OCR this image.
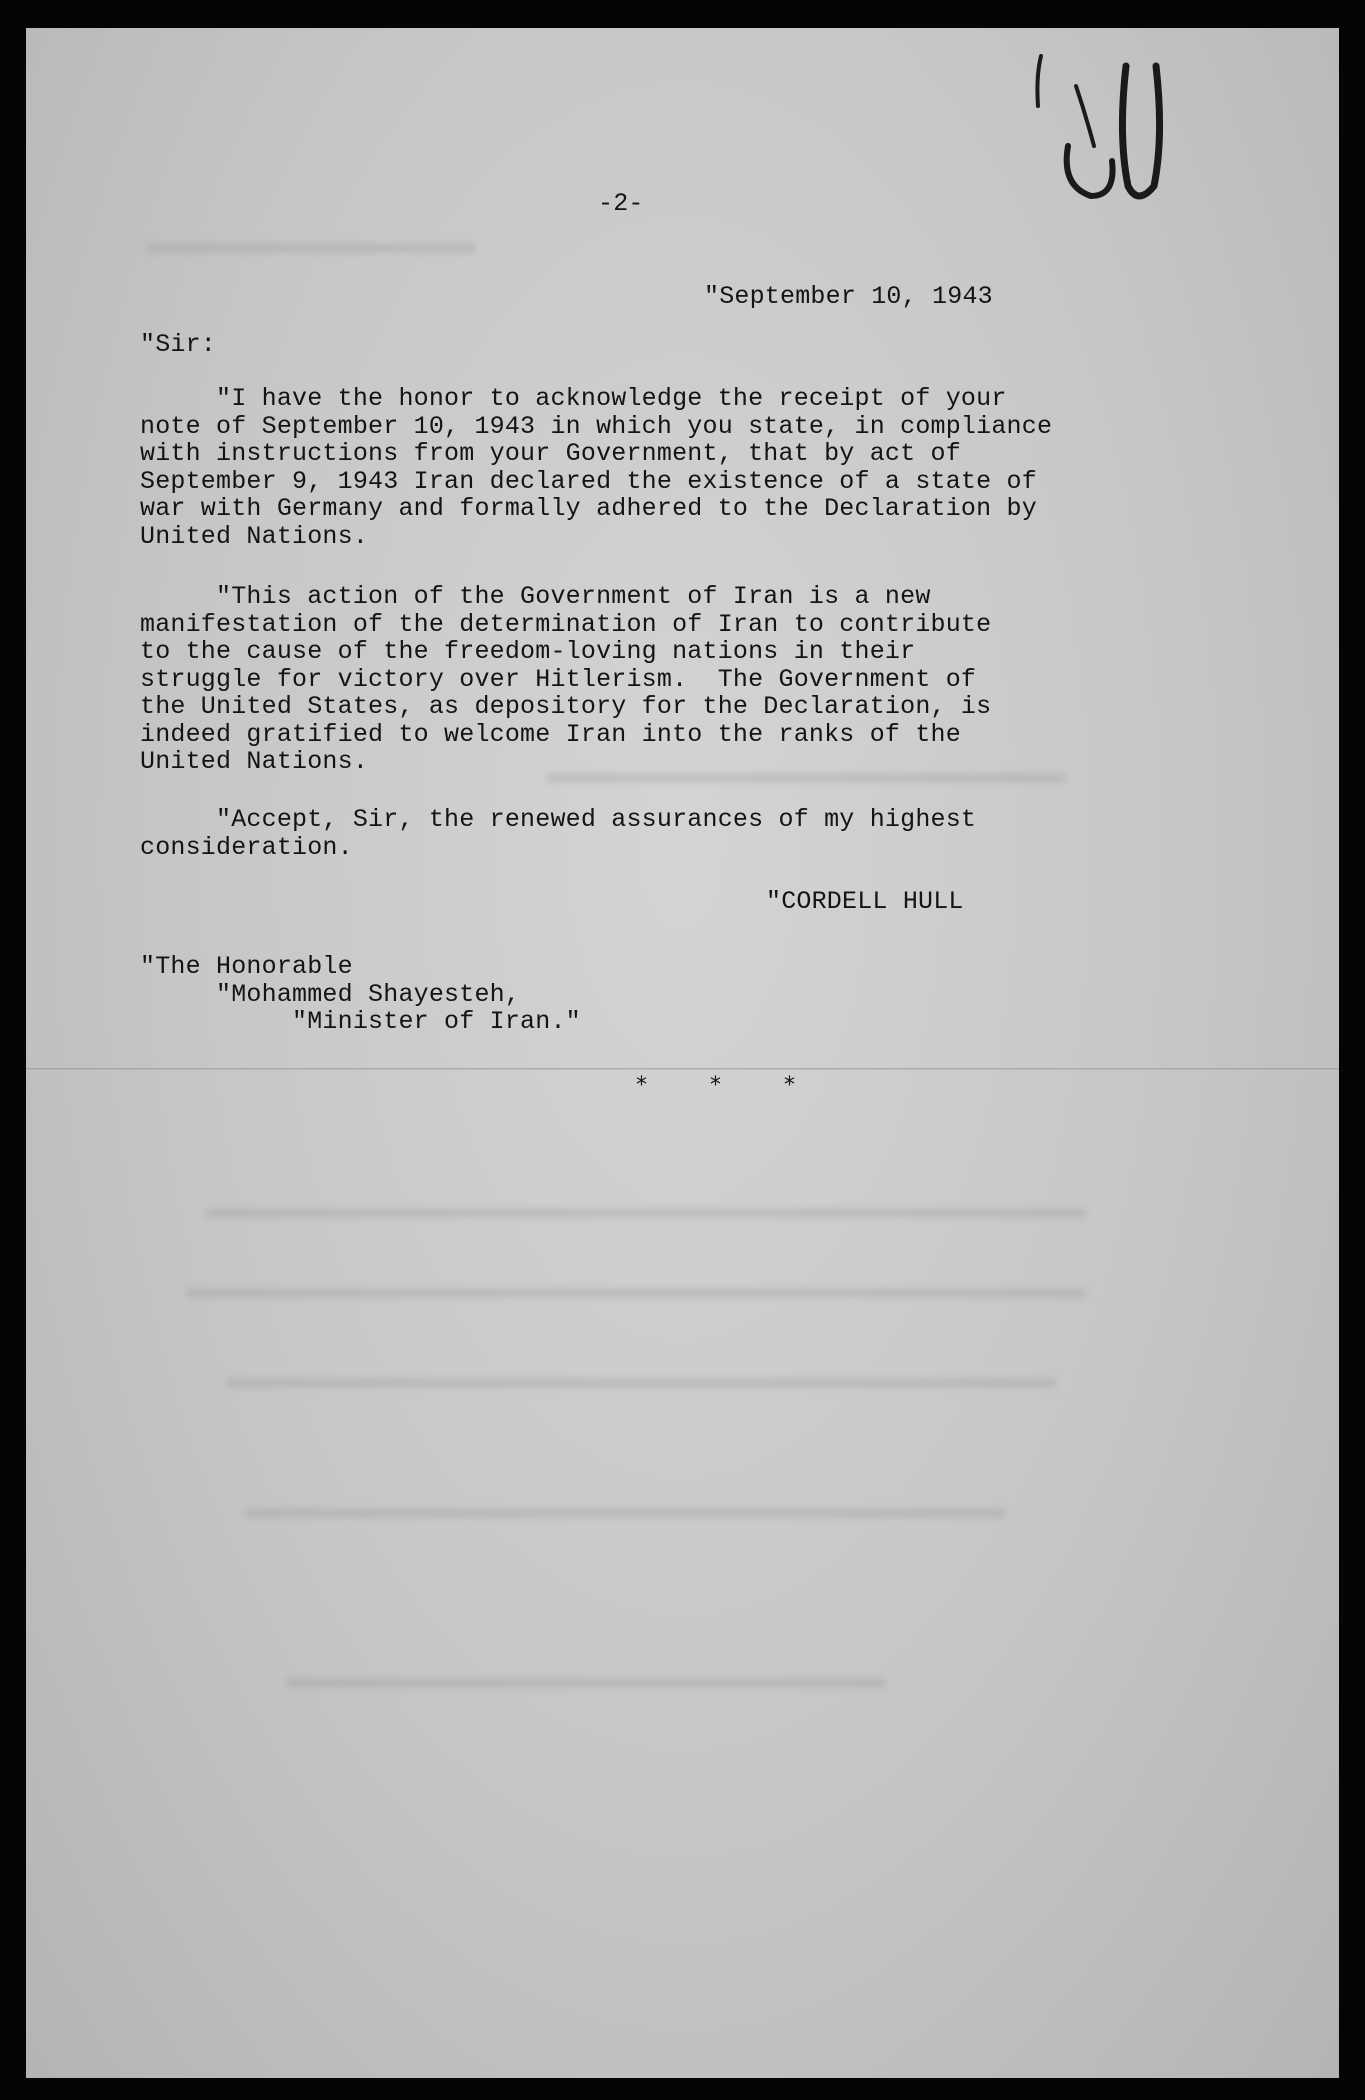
-2-
"September 10, 1943
"Sir:
"I have the honor to acknowledge the receipt of your
note of September 10, 1943 in which you state, in compliance
with instructions from your Government, that by act of
September 9, 1943 Iran declared the existence of a state of
war with Germany and formally adhered to the Declaration by
United Nations.
"This action of the Government of Iran is a new
manifestation of the determination of Iran to contribute
to the cause of the freedom-loving nations in their
struggle for victory over Hitlerism.  The Government of
the United States, as depository for the Declaration, is
indeed gratified to welcome Iran into the ranks of the
United Nations.
"Accept, Sir, the renewed assurances of my highest
consideration.
"CORDELL HULL
"The Honorable
"Mohammed Shayesteh,
"Minister of Iran."
* * *
